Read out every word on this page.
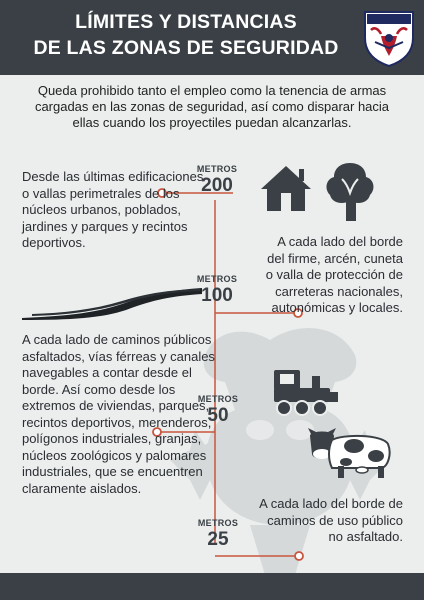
LÍMITES Y DISTANCIAS
DE LAS ZONAS DE SEGURIDAD
Queda prohibido tanto el empleo como la tenencia de armas cargadas en las zonas de seguridad, así como disparar hacia ellas cuando los proyectiles puedan alcanzarlas.
METROS
200
METROS
100
METROS
50
METROS
25
Desde las últimas edificaciones o vallas perimetrales de los núcleos urbanos, poblados, jardines y parques y recintos deportivos.	A cada lado del borde del firme, arcén, cuneta o valla de protección de carreteras nacionales, autonómicas y locales.
A cada lado de caminos públicos asfaltados, vías férreas y canales navegables a contar desde el borde. Así como desde los extremos de viviendas, parques, recintos deportivos, merenderos, polígonos industriales, granjas, núcleos zoológicos y palomares industriales, que se encuentren claramente aislados.
A cada lado del borde de caminos de uso público no asfaltado.
